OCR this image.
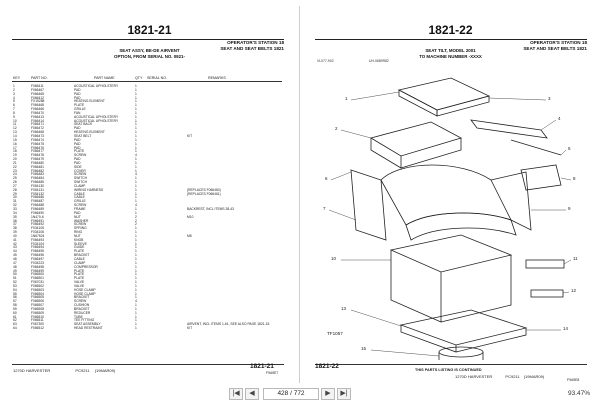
1821-21
OPERATOR'S STATION 18
SEAT AND SEAT BELTS 1821
SEAT ASSY, BE-DE AIRVENT
OPTION, FROM SERIAL NO. 0921-
KEY	PART NO.	PART NAME	QTY SERIAL NO.	REMARKS
1	F066411	ACOUSTICAL UPHOLSTERY	1
2	F066467	PAD	1
3	F066465	PAD	1
4	F066412	PAD	1
5	FX15288	HEATING ELEMENT	1
6	F066468	PLATE	1
7	F066466	GRILLE	1
8	F066470	FAN	1
9	F066413	ACOUSTICAL UPHOLSTERY	1
10	F066414	ACOUSTICAL UPHOLSTERY	1
11	F066471	SEAT BACK	1
12	F066472	PAD	1
13	F066468	HEATING ELEMENT	1
14	F066473	SEAT BELT	1	KIT
15	F066474	PAD	1
16	F066475	PAD	1
17	F066476	PAD	1
18	F066477	PLATE	1
19	F066478	SCREW	4
20	F066479	PAD	1
21	F066480	PAD	1
22	F066481	SIDE	1
23	F066482	COVER	1
24	F066483	SCREW	4
25	F066484	SWITCH	1
26	F066485	SWITCH	1
27	F054130	CLAMP	1
28	F054131	WIRING HARNESS	1	(REPLACES F066460)
29	F054132	CABLE	1	(REPLACES F066461)
30	F066486	CABLE	1
31	F066487	GRILLE	1
32	F066488	SCREW	4
33	F066489	FRAME	1	BACKREST, INCL ITEMS 38-43
34	F066490	PAD	1
35	1N470-6	NUT	2	M10
36	F066491	WASHER	2
37	F066492	SCREW	2
38	F034105	SPRING	1
39	F034106	RING	1
40	1N67624	NUT	1	M8
41	F066493	KNOB	1
42	F034104	SLEEVE	1
43	F066494	GUIDE	1
44	F066495	PLATE	1
45	F066496	BRACKET	1
46	F066497	CABLE	1
47	F034223	CLAMP	1
48	F066498	COMPRESSOR	1
49	F066499	PLATE	1
50	F066500	PLATE	1
51	F066501	PLATE	1
52	F067031	VALVE	1
53	F066502	VALVE	1
54	F066503	HOSE CLAMP	1
55	F066504	HOSE CLAMP	1
56	F066505	BRACKET	1
57	F066506	SCREW	4
58	F066507	CUSHION	1
59	F066508	BRACKET	1
60	F066509	REDUCER	1
61	F066510	TUBE	1
62	F066511	TEE FITTING	1
63	F067300	SEAT ASSEMBLY	1	AIRVENT, INCL ITEMS 1-61, SEE ALSO PAGE 1821-15
64	F066512	HEAD RESTRAINT	1	KIT
1270D HARVESTER	PC9211 (19MAR09)
1821-21
F9A9E7
1821-22
OPERATOR'S STATION 18
SEAT AND SEAT BELTS 1821
SEAT TILT, MODEL 2001
TO MACHINE NUMBER -XXXX
VL077-902	UH-0689R82
1
2
3
4
5
6
7
8
9
10	11
12
13
14
15
TF1057
1821-22	THIS PARTS LISTING IS CONTINUED
1270D HARVESTER	PC9211 (19MAR09)
F9A9E8
|◀	◀	428 / 772	▶	▶|	93.47%
